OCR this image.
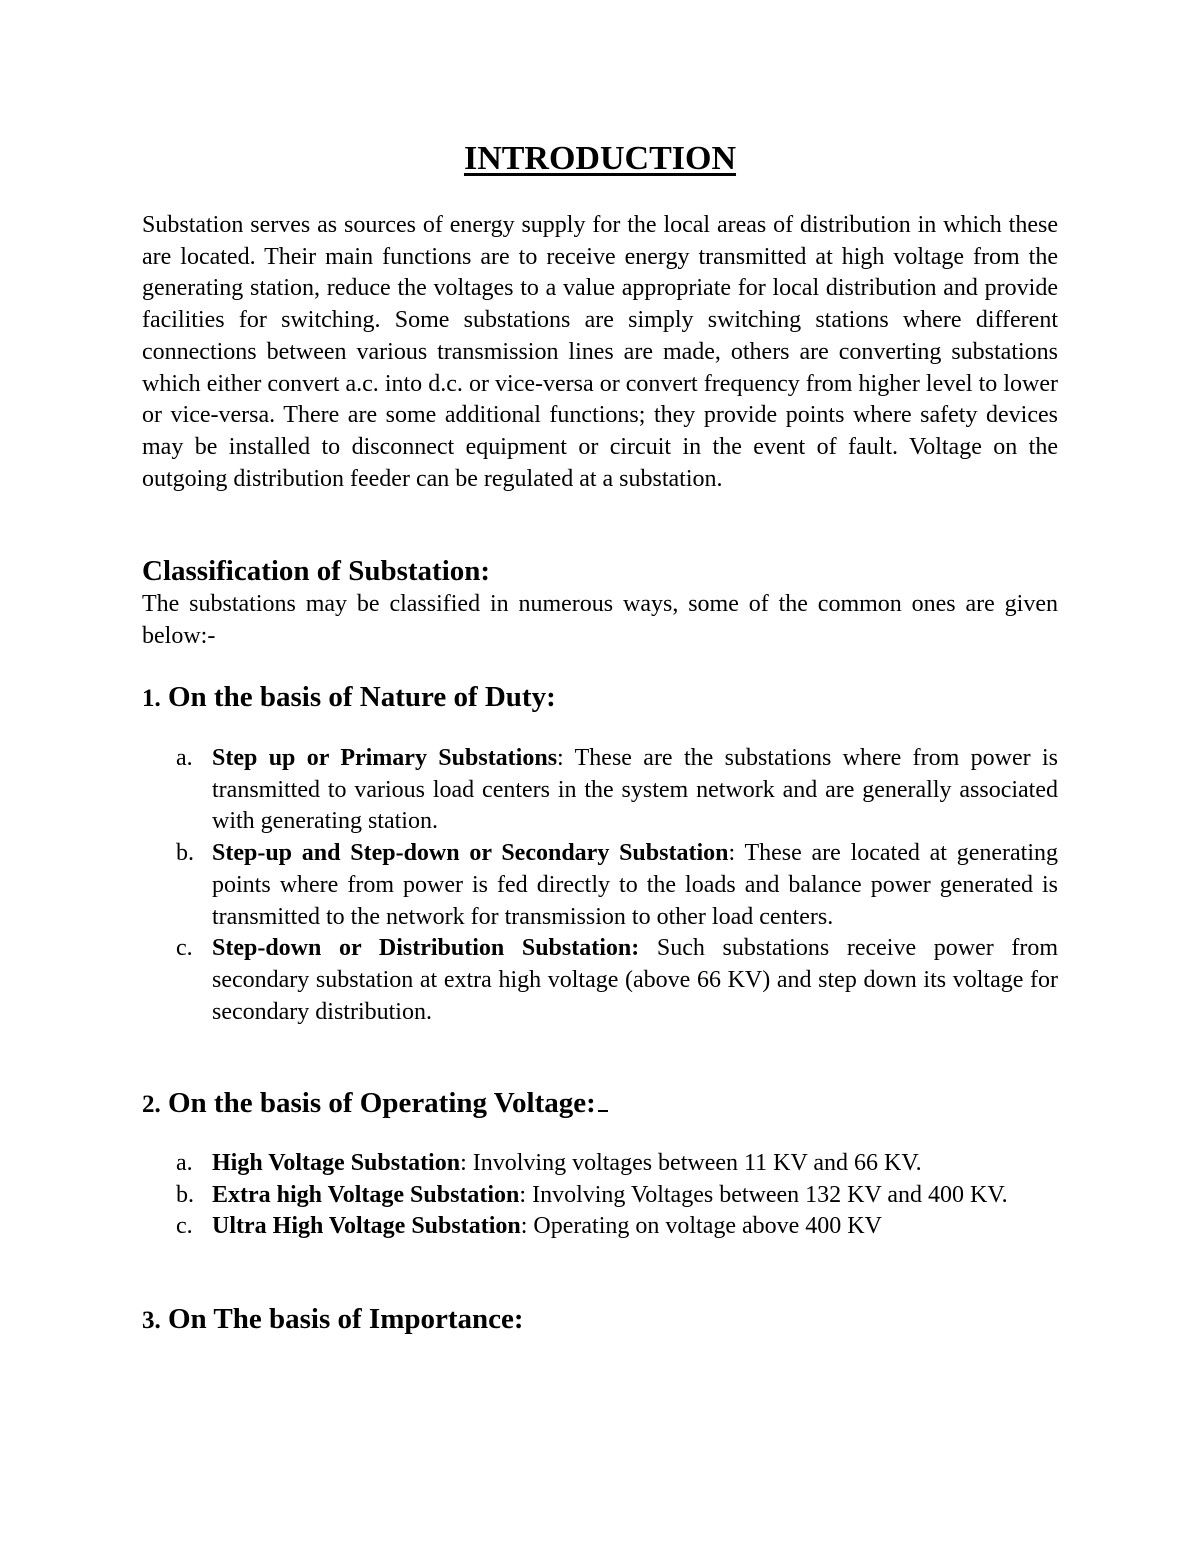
INTRODUCTION

Substation serves as sources of energy supply for the local areas of distribution in which these are located. Their main functions are to receive energy transmitted at high voltage from the generating station, reduce the voltages to a value appropriate for local distribution and provide facilities for switching. Some substations are simply switching stations where different connections between various transmission lines are made, others are converting substations which either convert a.c. into d.c. or vice-versa or convert frequency from higher level to lower or vice-versa. There are some additional functions; they provide points where safety devices may be installed to disconnect equipment or circuit in the event of fault. Voltage on the outgoing distribution feeder can be regulated at a substation.

Classification of Substation:

The substations may be classified in numerous ways, some of the common ones are given below:-

1. On the basis of Nature of Duty:
a. Step up or Primary Substations: These are the substations where from power is transmitted to various load centers in the system network and are generally associated with generating station.
b. Step-up and Step-down or Secondary Substation: These are located at generating points where from power is fed directly to the loads and balance power generated is transmitted to the network for transmission to other load centers.
c. Step-down or Distribution Substation: Such substations receive power from secondary substation at extra high voltage (above 66 KV) and step down its voltage for secondary distribution.
2. On the basis of Operating Voltage:
a. High Voltage Substation: Involving voltages between 11 KV and 66 KV.
b. Extra high Voltage Substation: Involving Voltages between 132 KV and 400 KV.
c. Ultra High Voltage Substation: Operating on voltage above 400 KV
3. On The basis of Importance:
